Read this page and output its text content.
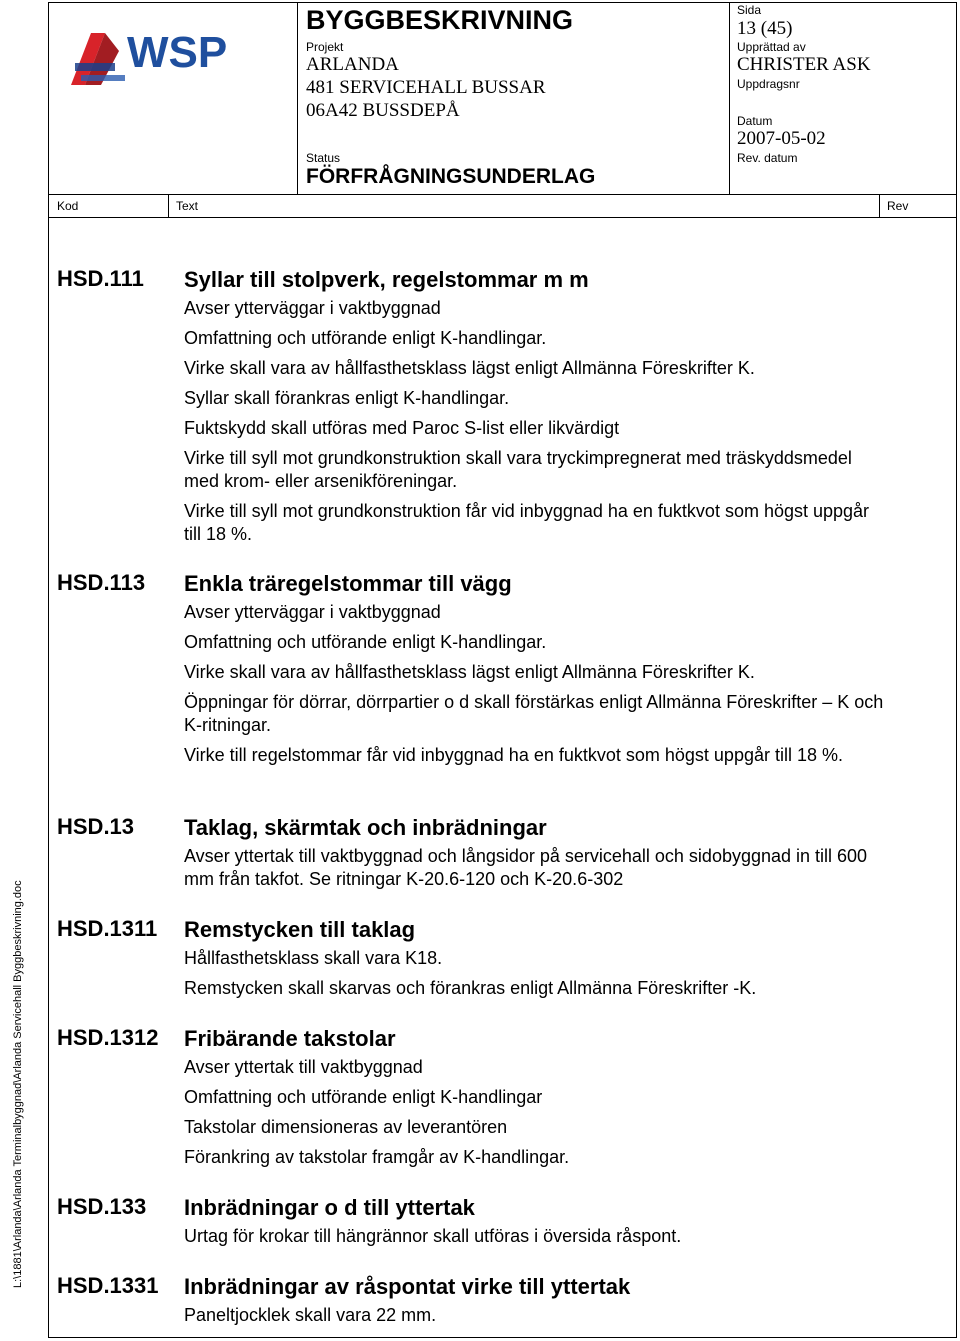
L:\1881\Arlanda\Arlanda Terminalbyggnad\Arlanda Servicehall Byggbeskrivning.doc
WSP
BYGGBESKRIVNING
Projekt
ARLANDA
481 SERVICEHALL BUSSAR
06A42 BUSSDEPÅ
Status
FÖRFRÅGNINGSUNDERLAG
Sida
13 (45)
Upprättad av
CHRISTER ASK
Uppdragsnr
Datum
2007-05-02
Rev. datum
Kod	Text	Rev
HSD.111 Syllar till stolpverk, regelstommar m m
Avser ytterväggar i vaktbyggnad
Omfattning och utförande enligt K-handlingar.
Virke skall vara av hållfasthetsklass lägst enligt Allmänna Föreskrifter K.
Syllar skall förankras enligt K-handlingar.
Fuktskydd skall utföras med Paroc S-list eller likvärdigt
Virke till syll mot grundkonstruktion skall vara tryckimpregnerat med träskyddsmedel med krom- eller arsenikföreningar.
Virke till syll mot grundkonstruktion får vid inbyggnad ha en fuktkvot som högst uppgår till 18 %.
HSD.113 Enkla träregelstommar till vägg
Avser ytterväggar i vaktbyggnad
Omfattning och utförande enligt K-handlingar.
Virke skall vara av hållfasthetsklass lägst enligt Allmänna Föreskrifter K.
Öppningar för dörrar, dörrpartier o d skall förstärkas enligt Allmänna Föreskrifter – K och K-ritningar.
Virke till regelstommar får vid inbyggnad ha en fuktkvot som högst uppgår till 18 %.
HSD.13 Taklag, skärmtak och inbrädningar
Avser yttertak till vaktbyggnad och långsidor på servicehall och sidobyggnad in till 600 mm från takfot. Se ritningar K-20.6-120 och K-20.6-302
HSD.1311 Remstycken till taklag
Hållfasthetsklass skall vara K18.
Remstycken skall skarvas och förankras enligt Allmänna Föreskrifter -K.
HSD.1312 Fribärande takstolar
Avser yttertak till vaktbyggnad
Omfattning och utförande enligt K-handlingar
Takstolar dimensioneras av leverantören
Förankring av takstolar framgår av K-handlingar.
HSD.133 Inbrädningar o d till yttertak
Urtag för krokar till hängrännor skall utföras i översida råspont.
HSD.1331 Inbrädningar av råspontat virke till yttertak
Paneltjocklek skall vara 22 mm.
